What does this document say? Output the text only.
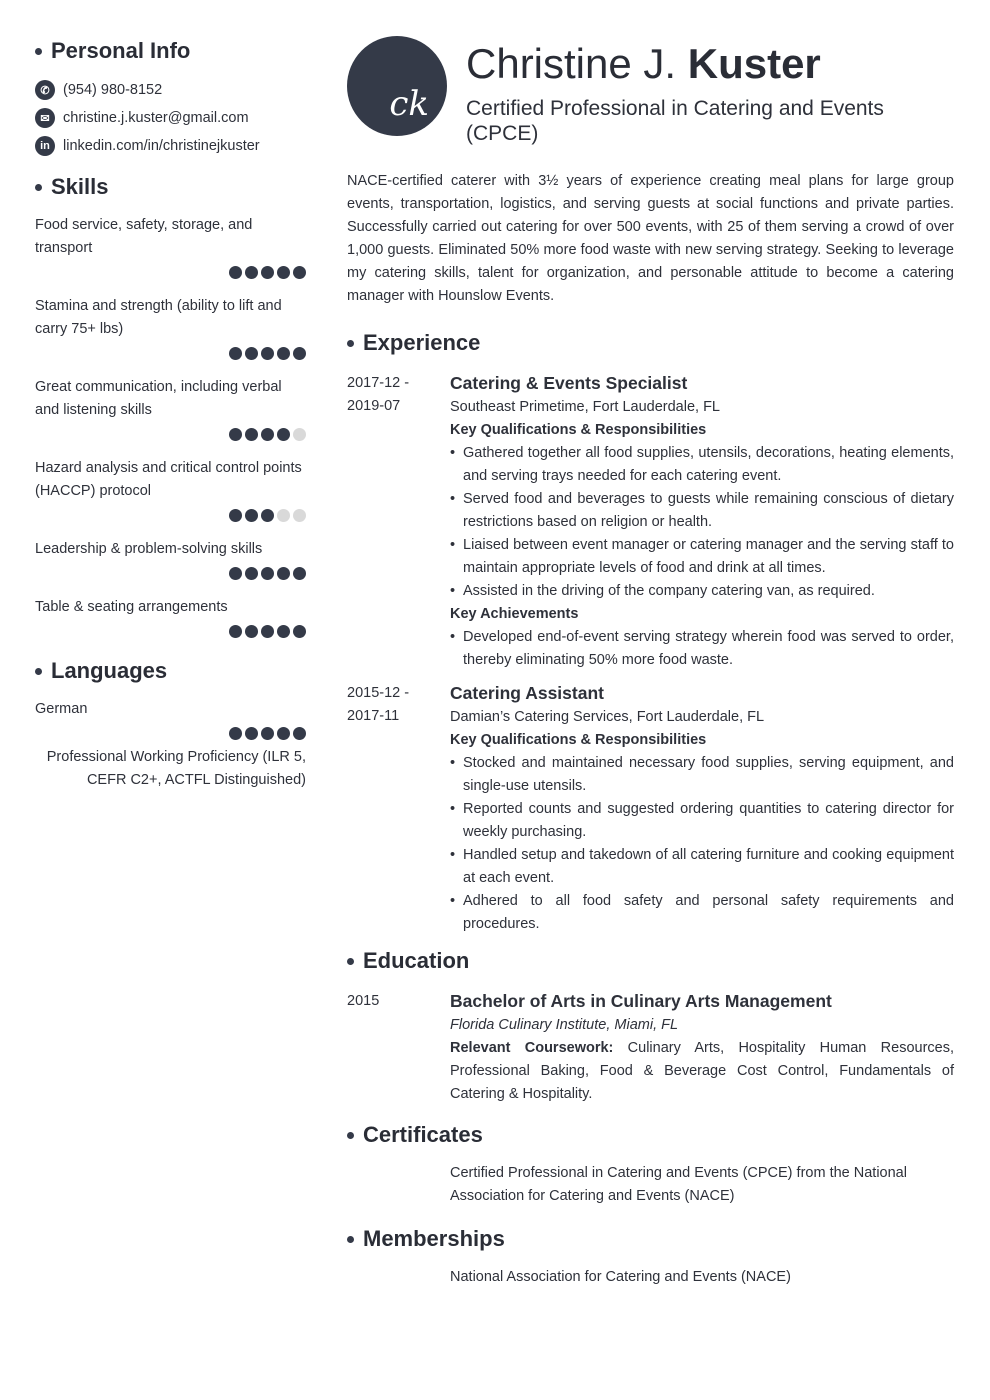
Personal Info
✆ (954) 980-8152
✉ christine.j.kuster@gmail.com
in linkedin.com/in/christinejkuster
Skills
Food service, safety, storage, and transport
Stamina and strength (ability to lift and carry 75+ lbs)
Great communication, including verbal and listening skills
Hazard analysis and critical control points (HACCP) protocol
Leadership & problem-solving skills
Table & seating arrangements
Languages
German
Professional Working Proficiency (ILR 5, CEFR C2+, ACTFL Distinguished)
ck
Christine J. Kuster
Certified Professional in Catering and Events (CPCE)

NACE-certified caterer with 3½ years of experience creating meal plans for large group events, transportation, logistics, and serving guests at social functions and private parties. Successfully carried out catering for over 500 events, with 25 of them serving a crowd of over 1,000 guests. Eliminated 50% more food waste with new serving strategy. Seeking to leverage my catering skills, talent for organization, and personable attitude to become a catering manager with Hounslow Events.

Experience
2017-12 - 2019-07
Catering & Events Specialist
Southeast Primetime, Fort Lauderdale, FL
Key Qualifications & Responsibilities
• Gathered together all food supplies, utensils, decorations, heating elements, and serving trays needed for each catering event.
• Served food and beverages to guests while remaining conscious of dietary restrictions based on religion or health.
• Liaised between event manager or catering manager and the serving staff to maintain appropriate levels of food and drink at all times.
• Assisted in the driving of the company catering van, as required.
Key Achievements
• Developed end-of-event serving strategy wherein food was served to order, thereby eliminating 50% more food waste.
2015-12 - 2017-11
Catering Assistant
Damian’s Catering Services, Fort Lauderdale, FL
Key Qualifications & Responsibilities
• Stocked and maintained necessary food supplies, serving equipment, and single-use utensils.
• Reported counts and suggested ordering quantities to catering director for weekly purchasing.
• Handled setup and takedown of all catering furniture and cooking equipment at each event.
• Adhered to all food safety and personal safety requirements and procedures.
Education
2015	Bachelor of Arts in Culinary Arts Management
Florida Culinary Institute, Miami, FL

Relevant Coursework: Culinary Arts, Hospitality Human Resources, Professional Baking, Food & Beverage Cost Control, Fundamentals of Catering & Hospitality.

Certificates
Certified Professional in Catering and Events (CPCE) from the National Association for Catering and Events (NACE)
Memberships
National Association for Catering and Events (NACE)
